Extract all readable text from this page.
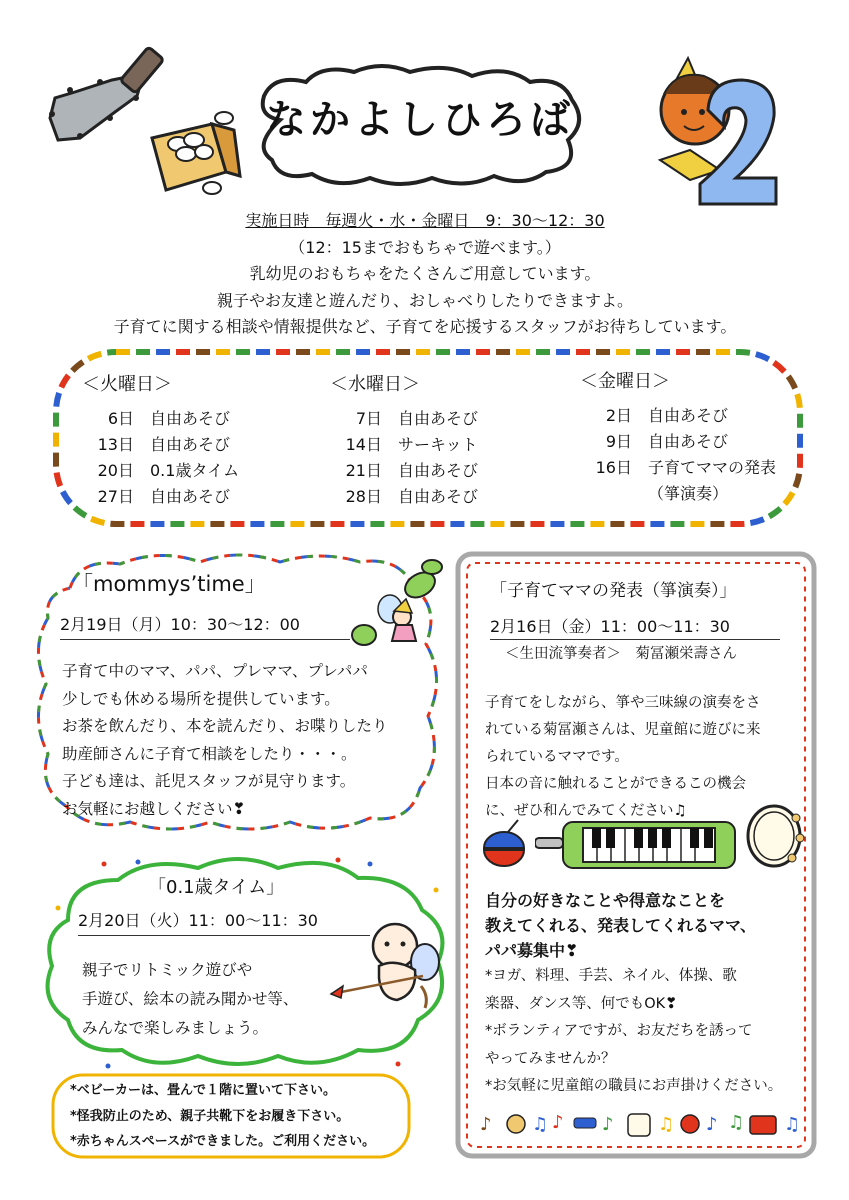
なかよしひろば
実施日時　毎週火・水・金曜日　9：30～12：30
（12：15までおもちゃで遊べます。）
乳幼児のおもちゃをたくさんご用意しています。
親子やお友達と遊んだり、おしゃべりしたりできますよ。
子育てに関する相談や情報提供など、子育てを応援するスタッフがお待ちしています。
＜火曜日＞
6日	自由あそび
13日	自由あそび
20日	0.1歳タイム
27日	自由あそび
＜水曜日＞
7日	自由あそび
14日	サーキット
21日	自由あそび
28日	自由あそび
＜金曜日＞
2日	自由あそび
9日	自由あそび
16日	子育てママの発表
（箏演奏）
「mommys’time」
2月19日（月）10：30～12：00
子育て中のママ、パパ、プレママ、プレパパ
少しでも休める場所を提供しています。
お茶を飲んだり、本を読んだり、お喋りしたり
助産師さんに子育て相談をしたり・・・。
子ども達は、託児スタッフが見守ります。
お気軽にお越しください❣
「0.1歳タイム」
2月20日（火）11：00～11：30
親子でリトミック遊びや
手遊び、絵本の読み聞かせ等、
みんなで楽しみましょう。
*ベビーカーは、畳んで１階に置いて下さい。
*怪我防止のため、親子共靴下をお履き下さい。
*赤ちゃんスペースができました。ご利用ください。
「子育てママの発表（箏演奏）」
2月16日（金）11：00～11：30
＜生田流箏奏者＞　菊冨瀬栄壽さん
子育てをしながら、箏や三味線の演奏をさ
れている菊冨瀬さんは、児童館に遊びに来
られているママです。
日本の音に触れることができるこの機会
に、ぜひ和んでみてください♫
自分の好きなことや得意なことを
教えてくれる、発表してくれるママ、
パパ募集中❣
*ヨガ、料理、手芸、ネイル、体操、歌
楽器、ダンス等、何でもOK❣
*ボランティアですが、お友だちを誘って
やってみませんか？
*お気軽に児童館の職員にお声掛けください。
♪ ♫ ♪ ♪ ♫ ♪ ♫ ♫
